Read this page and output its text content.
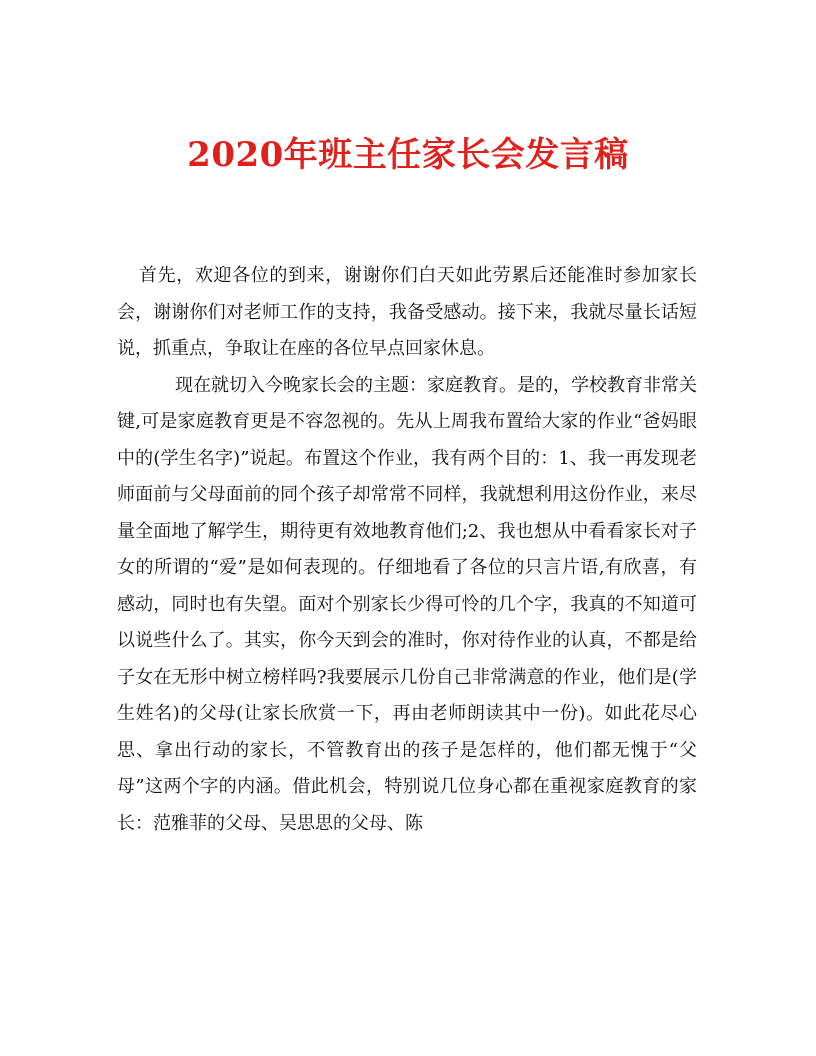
2020年班主任家长会发言稿

首先，欢迎各位的到来，谢谢你们白天如此劳累后还能准时参加家长会，谢谢你们对老师工作的支持，我备受感动。接下来，我就尽量长话短说，抓重点，争取让在座的各位早点回家休息。

现在就切入今晚家长会的主题：家庭教育。是的，学校教育非常关键,可是家庭教育更是不容忽视的。先从上周我布置给大家的作业“爸妈眼中的(学生名字)”说起。布置这个作业，我有两个目的：1、我一再发现老师面前与父母面前的同个孩子却常常不同样，我就想利用这份作业，来尽量全面地了解学生，期待更有效地教育他们;2、我也想从中看看家长对子女的所谓的“爱”是如何表现的。仔细地看了各位的只言片语,有欣喜，有感动，同时也有失望。面对个别家长少得可怜的几个字，我真的不知道可以说些什么了。其实，你今天到会的准时，你对待作业的认真，不都是给子女在无形中树立榜样吗?我要展示几份自己非常满意的作业，他们是(学生姓名)的父母(让家长欣赏一下，再由老师朗读其中一份)。如此花尽心思、拿出行动的家长，不管教育出的孩子是怎样的，他们都无愧于“父母”这两个字的内涵。借此机会，特别说几位身心都在重视家庭教育的家长：范雅菲的父母、吴思思的父母、陈
